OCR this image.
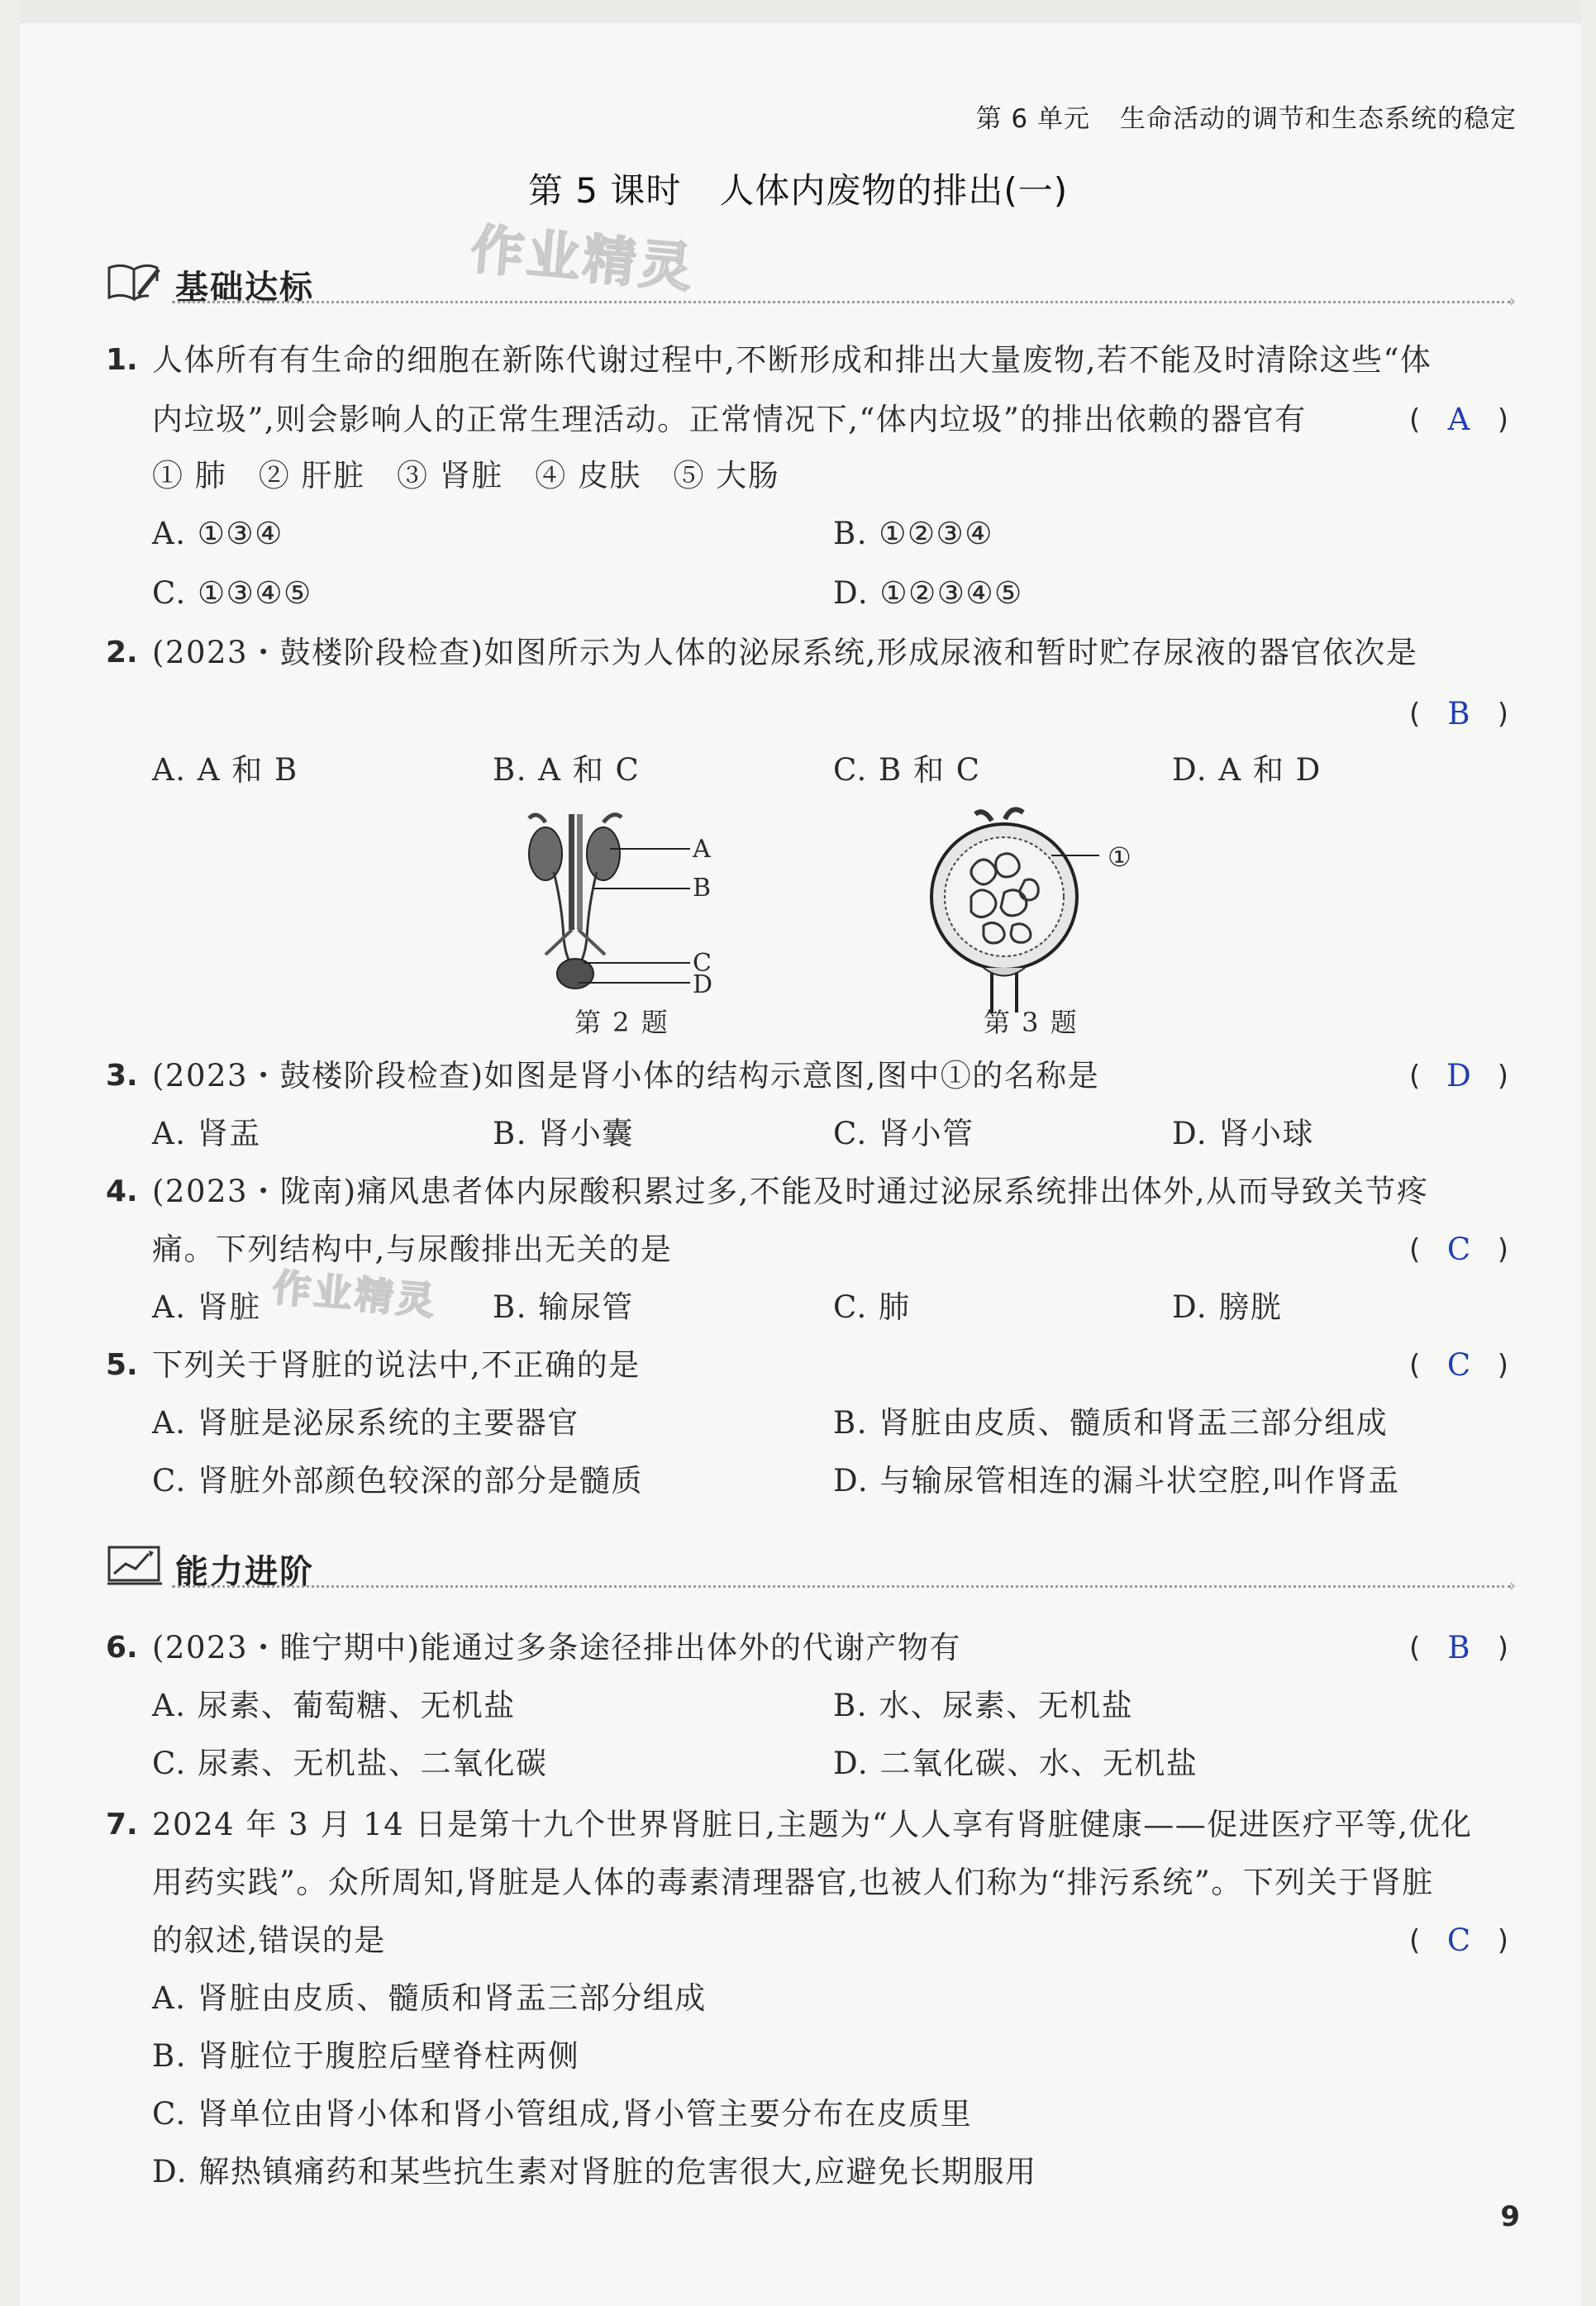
第 6 单元 生命活动的调节和生态系统的稳定
第 5 课时 人体内废物的排出(一)
作业精灵
作业精灵
基础达标	›
1. 人体所有有生命的细胞在新陈代谢过程中,不断形成和排出大量废物,若不能及时清除这些“体
内垃圾”,则会影响人的正常生理活动。正常情况下,“体内垃圾”的排出依赖的器官有	( A )
① 肺　② 肝脏　③ 肾脏　④ 皮肤　⑤ 大肠
A. ①③④	B. ①②③④
C. ①③④⑤	D. ①②③④⑤
2. (2023・鼓楼阶段检查)如图所示为人体的泌尿系统,形成尿液和暂时贮存尿液的器官依次是
( B )
A. A 和 B	B. A 和 C	C. B 和 C	D. A 和 D
A
B
C
D
第 2 题
①
第 3 题
3. (2023・鼓楼阶段检查)如图是肾小体的结构示意图,图中①的名称是	( D )
A. 肾盂	B. 肾小囊	C. 肾小管	D. 肾小球
4. (2023・陇南)痛风患者体内尿酸积累过多,不能及时通过泌尿系统排出体外,从而导致关节疼
痛。下列结构中,与尿酸排出无关的是	( C )
A. 肾脏	B. 输尿管	C. 肺	D. 膀胱
5. 下列关于肾脏的说法中,不正确的是	( C )
A. 肾脏是泌尿系统的主要器官	B. 肾脏由皮质、髓质和肾盂三部分组成
C. 肾脏外部颜色较深的部分是髓质	D. 与输尿管相连的漏斗状空腔,叫作肾盂
能力进阶	›
6. (2023・睢宁期中)能通过多条途径排出体外的代谢产物有	( B )
A. 尿素、葡萄糖、无机盐	B. 水、尿素、无机盐
C. 尿素、无机盐、二氧化碳	D. 二氧化碳、水、无机盐
7. 2024 年 3 月 14 日是第十九个世界肾脏日,主题为“人人享有肾脏健康——促进医疗平等,优化
用药实践”。众所周知,肾脏是人体的毒素清理器官,也被人们称为“排污系统”。下列关于肾脏
的叙述,错误的是	( C )
A. 肾脏由皮质、髓质和肾盂三部分组成
B. 肾脏位于腹腔后壁脊柱两侧
C. 肾单位由肾小体和肾小管组成,肾小管主要分布在皮质里
D. 解热镇痛药和某些抗生素对肾脏的危害很大,应避免长期服用
9
